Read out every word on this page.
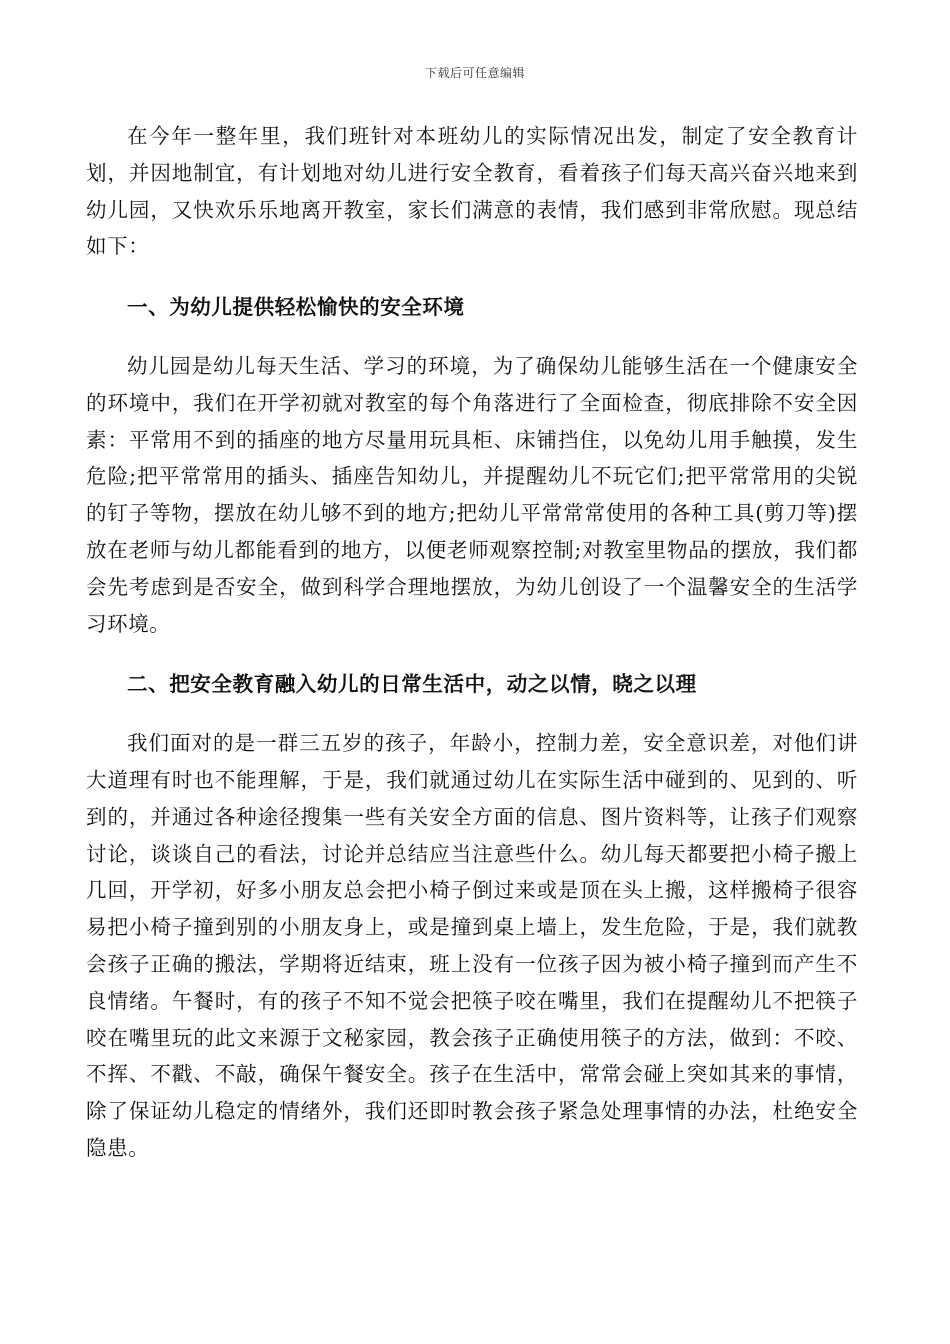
下载后可任意编辑

在今年一整年里，我们班针对本班幼儿的实际情况出发，制定了安全教育计划，并因地制宜，有计划地对幼儿进行安全教育，看着孩子们每天高兴奋兴地来到幼儿园，又快欢乐乐地离开教室，家长们满意的表情，我们感到非常欣慰。现总结如下：

一、为幼儿提供轻松愉快的安全环境

幼儿园是幼儿每天生活、学习的环境，为了确保幼儿能够生活在一个健康安全的环境中，我们在开学初就对教室的每个角落进行了全面检查，彻底排除不安全因素：平常用不到的插座的地方尽量用玩具柜、床铺挡住，以免幼儿用手触摸，发生危险;把平常常用的插头、插座告知幼儿，并提醒幼儿不玩它们;把平常常用的尖锐的钉子等物，摆放在幼儿够不到的地方;把幼儿平常常常使用的各种工具(剪刀等)摆放在老师与幼儿都能看到的地方，以便老师观察控制;对教室里物品的摆放，我们都会先考虑到是否安全，做到科学合理地摆放，为幼儿创设了一个温馨安全的生活学习环境。

二、把安全教育融入幼儿的日常生活中，动之以情，晓之以理

我们面对的是一群三五岁的孩子，年龄小，控制力差，安全意识差，对他们讲大道理有时也不能理解，于是，我们就通过幼儿在实际生活中碰到的、见到的、听到的，并通过各种途径搜集一些有关安全方面的信息、图片资料等，让孩子们观察讨论，谈谈自己的看法，讨论并总结应当注意些什么。幼儿每天都要把小椅子搬上几回，开学初，好多小朋友总会把小椅子倒过来或是顶在头上搬，这样搬椅子很容易把小椅子撞到别的小朋友身上，或是撞到桌上墙上，发生危险，于是，我们就教会孩子正确的搬法，学期将近结束，班上没有一位孩子因为被小椅子撞到而产生不良情绪。午餐时，有的孩子不知不觉会把筷子咬在嘴里，我们在提醒幼儿不把筷子咬在嘴里玩的此文来源于文秘家园，教会孩子正确使用筷子的方法，做到：不咬、不挥、不戳、不敲，确保午餐安全。孩子在生活中，常常会碰上突如其来的事情，除了保证幼儿稳定的情绪外，我们还即时教会孩子紧急处理事情的办法，杜绝安全隐患。
